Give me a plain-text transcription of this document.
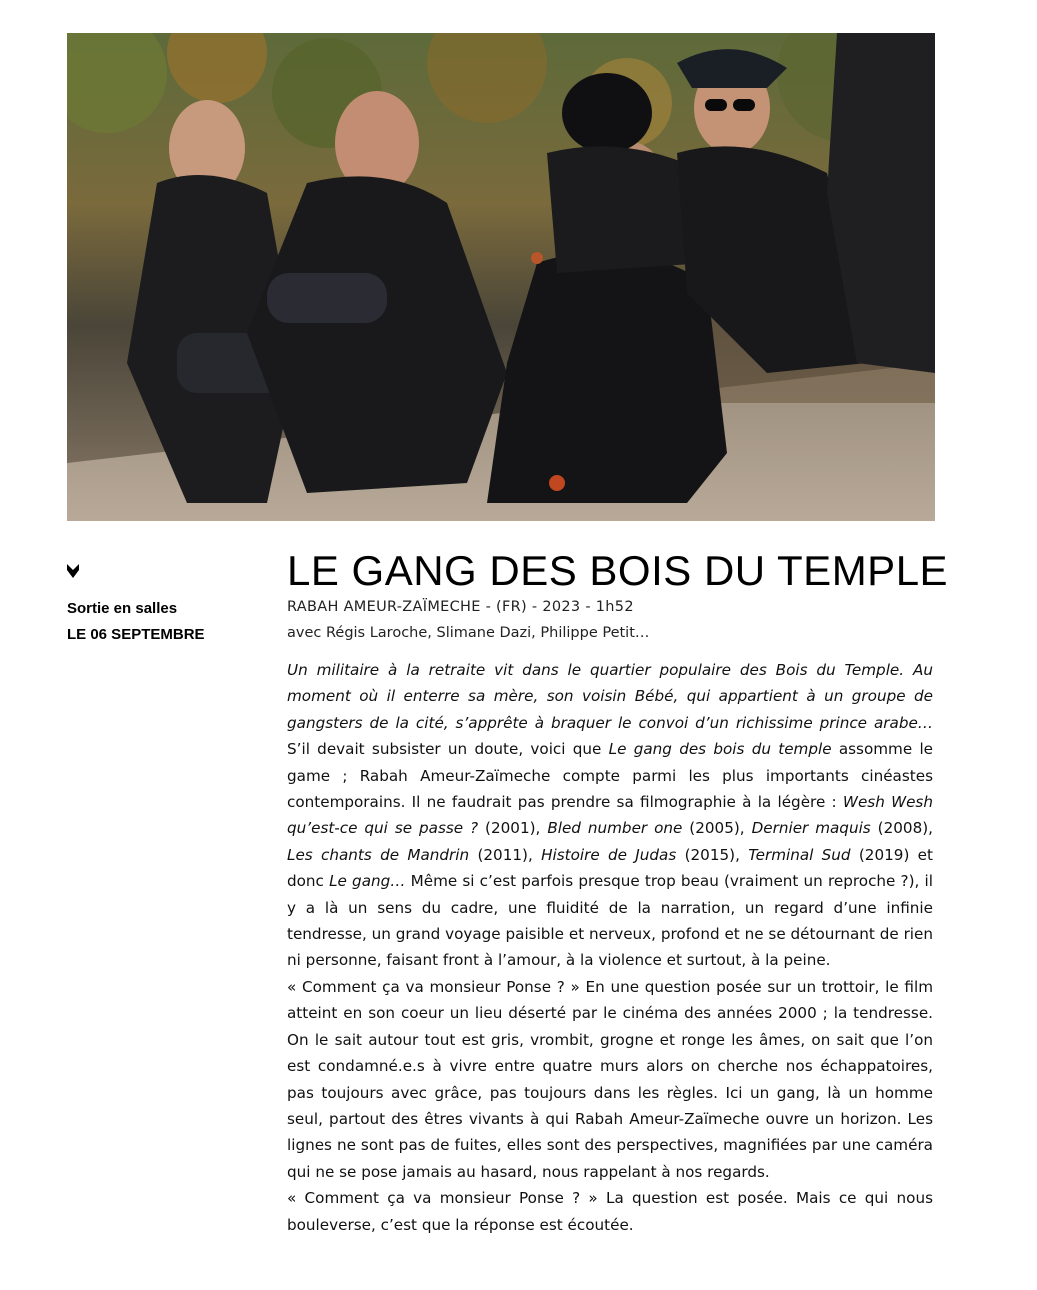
Sortie en salles
LE 06 SEPTEMBRE
LE GANG DES BOIS DU TEMPLE
RABAH AMEUR-ZAÏMECHE - (FR) - 2023 - 1h52
avec Régis Laroche, Slimane Dazi, Philippe Petit…

Un militaire à la retraite vit dans le quartier populaire des Bois du Temple. Au moment où il enterre sa mère, son voisin Bébé, qui appartient à un groupe de gangsters de la cité, s’apprête à braquer le convoi d’un richissime prince arabe… S’il devait subsister un doute, voici que Le gang des bois du temple assomme le game ; Rabah Ameur-Zaïmeche compte parmi les plus importants cinéastes contemporains. Il ne faudrait pas prendre sa filmographie à la légère : Wesh Wesh qu’est-ce qui se passe ? (2001), Bled number one (2005), Dernier maquis (2008), Les chants de Mandrin (2011), Histoire de Judas (2015), Terminal Sud (2019) et donc Le gang… Même si c’est parfois presque trop beau (vraiment un reproche ?), il y a là un sens du cadre, une fluidité de la narration, un regard d’une infinie tendresse, un grand voyage paisible et nerveux, profond et ne se détournant de rien ni personne, faisant front à l’amour, à la violence et surtout, à la peine.

« Comment ça va monsieur Ponse ? » En une question posée sur un trottoir, le film atteint en son coeur un lieu déserté par le cinéma des années 2000 ; la tendresse. On le sait autour tout est gris, vrombit, grogne et ronge les âmes, on sait que l’on est condamné.e.s à vivre entre quatre murs alors on cherche nos échappatoires, pas toujours avec grâce, pas toujours dans les règles. Ici un gang, là un homme seul, partout des êtres vivants à qui Rabah Ameur-Zaïmeche ouvre un horizon. Les lignes ne sont pas de fuites, elles sont des perspectives, magnifiées par une caméra qui ne se pose jamais au hasard, nous rappelant à nos regards.

« Comment ça va monsieur Ponse ? » La question est posée. Mais ce qui nous bouleverse, c’est que la réponse est écoutée.
